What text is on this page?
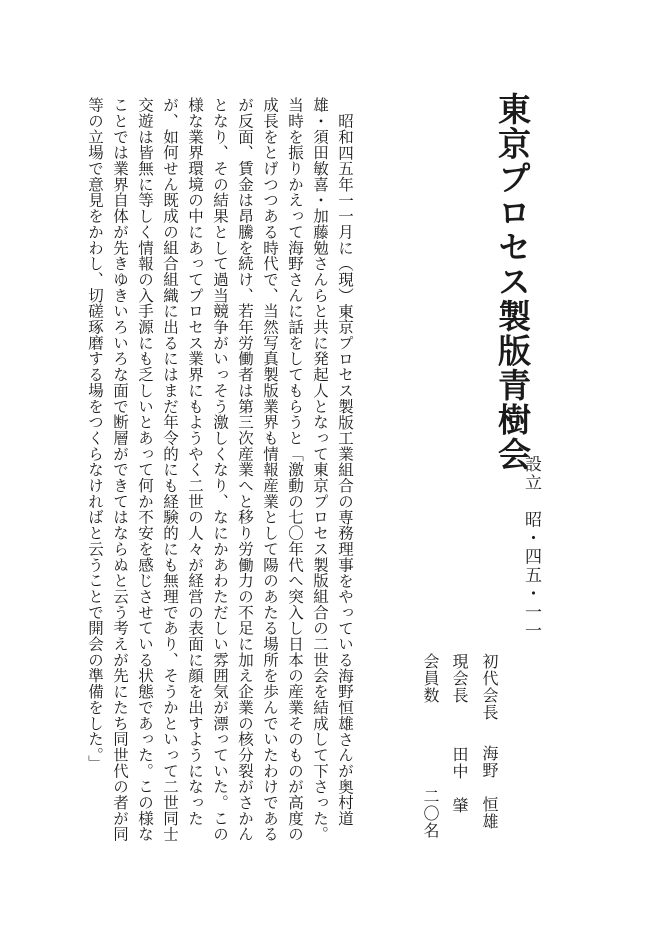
東京プロセス製版青樹会
設立　昭・四五・一一
初代会長海野　恒雄
現会長田中　肇
会員数二〇名

昭和四五年一一月に（現）東京プロセス製版工業組合の専務理事をやっている海野恒雄さんが奥村道雄・須田敏喜・加藤勉さんらと共に発起人となって東京プロセス製版組合の二世会を結成して下さった。当時を振りかえって海野さんに話をしてもらうと「激動の七〇年代へ突入し日本の産業そのものが高度の成長をとげつつある時代で、当然写真製版業界も情報産業として陽のあたる場所を歩んでいたわけであるが反面、賃金は昂騰を続け、若年労働者は第三次産業へと移り労働力の不足に加え企業の核分裂がさかんとなり、その結果として過当競争がいっそう激しくなり、なにかあわただしい雰囲気が漂っていた。この様な業界環境の中にあってプロセス業界にもようやく二世の人々が経営の表面に顔を出すようになったが、如何せん既成の組合組織に出るにはまだ年令的にも経験的にも無理であり、そうかといって二世同士交遊は皆無に等しく情報の入手源にも乏しいとあって何か不安を感じさせている状態であった。この様なことでは業界自体が先きゆきいろいろな面で断層ができてはならぬと云う考えが先にたち同世代の者が同等の立場で意見をかわし、切磋琢磨する場をつくらなければと云うことで開会の準備をした。」
